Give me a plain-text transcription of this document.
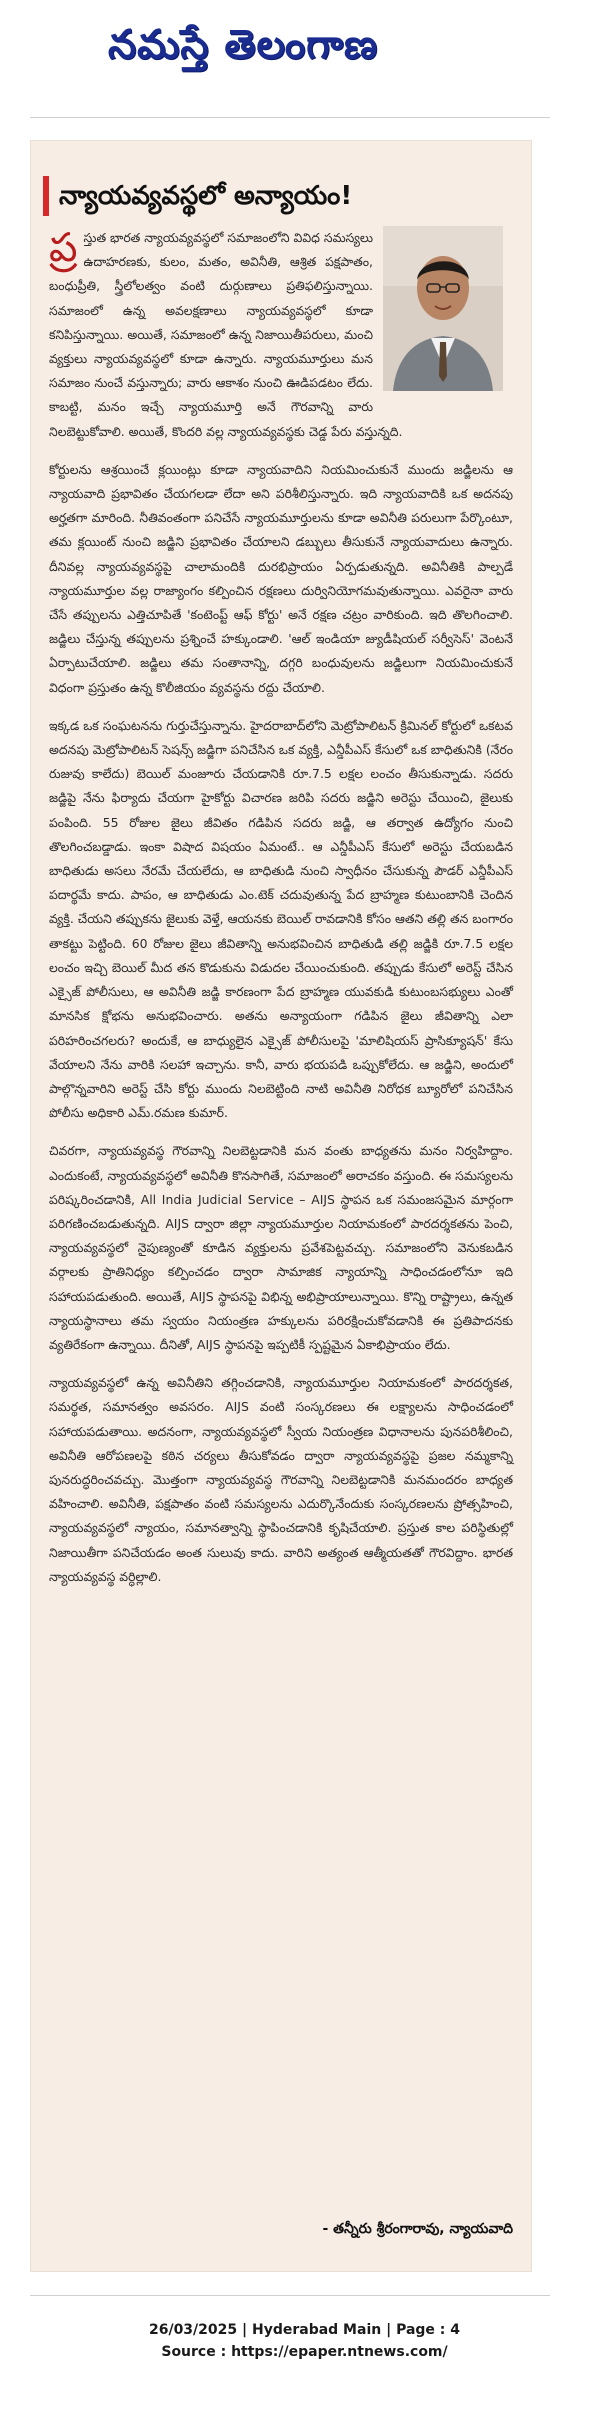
నమస్తే తెలంగాణ
న్యాయవ్యవస్థలో అన్యాయం!

ప్ర స్తుత భారత న్యాయవ్యవస్థలో సమాజంలోని వివిధ సమస్యలు ఉదాహరణకు, కులం, మతం, అవినీతి, ఆశ్రిత పక్షపాతం, బంధుప్రీతి, స్త్రీలోలత్వం వంటి దుర్గుణాలు ప్రతిఫలిస్తున్నాయి. సమాజంలో ఉన్న అవలక్షణాలు న్యాయవ్యవస్థలో కూడా కనిపిస్తున్నాయి. అయితే, సమాజంలో ఉన్న నిజాయితీపరులు, మంచి వ్యక్తులు న్యాయవ్యవస్థలో కూడా ఉన్నారు. న్యాయమూర్తులు మన సమాజం నుంచే వస్తున్నారు; వారు ఆకాశం నుంచి ఊడిపడటం లేదు. కాబట్టి, మనం ఇచ్చే న్యాయమూర్తి అనే గౌరవాన్ని వారు నిలబెట్టుకోవాలి. అయితే, కొందరి వల్ల న్యాయవ్యవస్థకు చెడ్డ పేరు వస్తున్నది.

కోర్టులను ఆశ్రయించే క్లయింట్లు కూడా న్యాయవాదిని నియమించుకునే ముందు జడ్జిలను ఆ న్యాయవాది ప్రభావితం చేయగలడా లేదా అని పరిశీలిస్తున్నారు. ఇది న్యాయవాదికి ఒక అదనపు అర్హతగా మారింది. నీతివంతంగా పనిచేసే న్యాయమూర్తులను కూడా అవినీతి పరులుగా పేర్కొంటూ, తమ క్లయింట్ నుంచి జడ్జిని ప్రభావితం చేయాలని డబ్బులు తీసుకునే న్యాయవాదులు ఉన్నారు. దీనివల్ల న్యాయవ్యవస్థపై చాలామందికి దురభిప్రాయం ఏర్పడుతున్నది. అవినీతికి పాల్పడే న్యాయమూర్తుల వల్ల రాజ్యాంగం కల్పించిన రక్షణలు దుర్వినియోగమవుతున్నాయి. ఎవరైనా వారు చేసే తప్పులను ఎత్తిచూపితే 'కంటెంప్ట్ ఆఫ్ కోర్టు' అనే రక్షణ చట్రం వారికుంది. ఇది తొలగించాలి. జడ్జిలు చేస్తున్న తప్పులను ప్రశ్నించే హక్కుండాలి. 'ఆల్ ఇండియా జ్యుడీషియల్ సర్వీసెస్' వెంటనే ఏర్పాటుచేయాలి. జడ్జిలు తమ సంతానాన్ని, దగ్గరి బంధువులను జడ్జిలుగా నియమించుకునే విధంగా ప్రస్తుతం ఉన్న కొలీజియం వ్యవస్థను రద్దు చేయాలి.

ఇక్కడ ఒక సంఘటనను గుర్తుచేస్తున్నాను. హైదరాబాద్‌లోని మెట్రోపాలిటన్ క్రిమినల్ కోర్టులో ఒకటవ అదనపు మెట్రోపాలిటన్ సెషన్స్ జడ్జిగా పనిచేసిన ఒక వ్యక్తి, ఎన్డీపీఎస్ కేసులో ఒక బాధితునికి (నేరం రుజువు కాలేదు) బెయిల్ మంజూరు చేయడానికి రూ.7.5 లక్షల లంచం తీసుకున్నాడు. సదరు జడ్జిపై నేను ఫిర్యాదు చేయగా హైకోర్టు విచారణ జరిపి సదరు జడ్జిని అరెస్టు చేయించి, జైలుకు పంపింది. 55 రోజుల జైలు జీవితం గడిపిన సదరు జడ్జి, ఆ తర్వాత ఉద్యోగం నుంచి తొలగించబడ్డాడు. ఇంకా విషాద విషయం ఏమంటే.. ఆ ఎన్డీపీఎస్ కేసులో అరెస్టు చేయబడిన బాధితుడు అసలు నేరమే చేయలేదు, ఆ బాధితుడి నుంచి స్వాధీనం చేసుకున్న పౌడర్ ఎన్డీపీఎస్ పదార్థమే కాదు. పాపం, ఆ బాధితుడు ఎం.టెక్ చదువుతున్న పేద బ్రాహ్మణ కుటుంబానికి చెందిన వ్యక్తి. చేయని తప్పుకను జైలుకు వెళ్తే, ఆయనకు బెయిల్ రావడానికి కోసం ఆతని తల్లి తన బంగారం తాకట్టు పెట్టింది. 60 రోజుల జైలు జీవితాన్ని అనుభవించిన బాధితుడి తల్లి జడ్జికి రూ.7.5 లక్షల లంచం ఇచ్చి బెయిల్ మీద తన కొడుకును విడుదల చేయించుకుంది. తప్పుడు కేసులో అరెస్ట్ చేసిన ఎక్సైజ్ పోలీసులు, ఆ అవినీతి జడ్జి కారణంగా పేద బ్రాహ్మణ యువకుడి కుటుంబసభ్యులు ఎంతో మానసిక క్షోభను అనుభవించారు. అతను అన్యాయంగా గడిపిన జైలు జీవితాన్ని ఎలా పరిహరించగలరు? అందుకే, ఆ బాధ్యులైన ఎక్సైజ్ పోలీసులపై 'మాలిషియస్ ప్రాసిక్యూషన్' కేసు వేయాలని నేను వారికి సలహా ఇచ్చాను. కానీ, వారు భయపడి ఒప్పుకోలేదు. ఆ జడ్జిని, అందులో పాల్గొన్నవారిని అరెస్ట్ చేసి కోర్టు ముందు నిలబెట్టింది నాటి అవినీతి నిరోధక బ్యూరోలో పనిచేసిన పోలీసు అధికారి ఎమ్.రమణ కుమార్.

చివరగా, న్యాయవ్యవస్థ గౌరవాన్ని నిలబెట్టడానికి మన వంతు బాధ్యతను మనం నిర్వహిద్దాం. ఎందుకంటే, న్యాయవ్యవస్థలో అవినీతి కొనసాగితే, సమాజంలో అరాచకం వస్తుంది. ఈ సమస్యలను పరిష్కరించడానికి, All India Judicial Service – AIJS స్థాపన ఒక సమంజసమైన మార్గంగా పరిగణించబడుతున్నది. AIJS ద్వారా జిల్లా న్యాయమూర్తుల నియామకంలో పారదర్శకతను పెంచి, న్యాయవ్యవస్థలో నైపుణ్యంతో కూడిన వ్యక్తులను ప్రవేశపెట్టవచ్చు. సమాజంలోని వెనుకబడిన వర్గాలకు ప్రాతినిధ్యం కల్పించడం ద్వారా సామాజిక న్యాయాన్ని సాధించడంలోనూ ఇది సహాయపడుతుంది. అయితే, AIJS స్థాపనపై విభిన్న అభిప్రాయాలున్నాయి. కొన్ని రాష్ట్రాలు, ఉన్నత న్యాయస్థానాలు తమ స్వయం నియంత్రణ హక్కులను పరిరక్షించుకోవడానికి ఈ ప్రతిపాదనకు వ్యతిరేకంగా ఉన్నాయి. దీనితో, AIJS స్థాపనపై ఇప్పటికీ స్పష్టమైన ఏకాభిప్రాయం లేదు.

న్యాయవ్యవస్థలో ఉన్న అవినీతిని తగ్గించడానికి, న్యాయమూర్తుల నియామకంలో పారదర్శకత, సమర్థత, సమానత్వం అవసరం. AIJS వంటి సంస్కరణలు ఈ లక్ష్యాలను సాధించడంలో సహాయపడుతాయి. అదనంగా, న్యాయవ్యవస్థలో స్వీయ నియంత్రణ విధానాలను పునపరిశీలించి, అవినీతి ఆరోపణలపై కఠిన చర్యలు తీసుకోవడం ద్వారా న్యాయవ్యవస్థపై ప్రజల నమ్మకాన్ని పునరుద్ధరించవచ్చు. మొత్తంగా న్యాయవ్యవస్థ గౌరవాన్ని నిలబెట్టడానికి మనమందరం బాధ్యత వహించాలి. అవినీతి, పక్షపాతం వంటి సమస్యలను ఎదుర్కొనేందుకు సంస్కరణలను ప్రోత్సహించి, న్యాయవ్యవస్థలో న్యాయం, సమానత్వాన్ని స్థాపించడానికి కృషిచేయాలి. ప్రస్తుత కాల పరిస్థితుల్లో నిజాయితీగా పనిచేయడం అంత సులువు కాదు. వారిని అత్యంత ఆత్మీయతతో గౌరవిద్దాం. భారత న్యాయవ్యవస్థ వర్ధిల్లాలి.

- తన్నీరు శ్రీరంగారావు, న్యాయవాది
26/03/2025 | Hyderabad Main | Page : 4
Source : https://epaper.ntnews.com/
